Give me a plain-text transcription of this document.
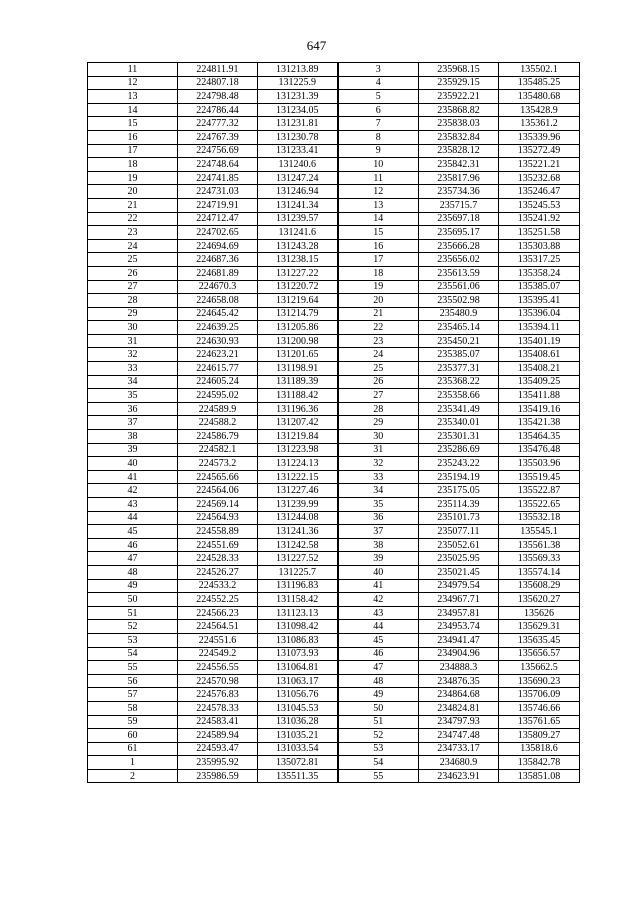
647
11	224811.91	131213.89	3	235968.15	135502.1
12	224807.18	131225.9	4	235929.15	135485.25
13	224798.48	131231.39	5	235922.21	135480.68
14	224786.44	131234.05	6	235868.82	135428.9
15	224777.32	131231.81	7	235838.03	135361.2
16	224767.39	131230.78	8	235832.84	135339.96
17	224756.69	131233.41	9	235828.12	135272.49
18	224748.64	131240.6	10	235842.31	135221.21
19	224741.85	131247.24	11	235817.96	135232.68
20	224731.03	131246.94	12	235734.36	135246.47
21	224719.91	131241.34	13	235715.7	135245.53
22	224712.47	131239.57	14	235697.18	135241.92
23	224702.65	131241.6	15	235695.17	135251.58
24	224694.69	131243.28	16	235666.28	135303.88
25	224687.36	131238.15	17	235656.02	135317.25
26	224681.89	131227.22	18	235613.59	135358.24
27	224670.3	131220.72	19	235561.06	135385.07
28	224658.08	131219.64	20	235502.98	135395.41
29	224645.42	131214.79	21	235480.9	135396.04
30	224639.25	131205.86	22	235465.14	135394.11
31	224630.93	131200.98	23	235450.21	135401.19
32	224623.21	131201.65	24	235385.07	135408.61
33	224615.77	131198.91	25	235377.31	135408.21
34	224605.24	131189.39	26	235368.22	135409.25
35	224595.02	131188.42	27	235358.66	135411.88
36	224589.9	131196.36	28	235341.49	135419.16
37	224588.2	131207.42	29	235340.01	135421.38
38	224586.79	131219.84	30	235301.31	135464.35
39	224582.1	131223.98	31	235286.69	135476.48
40	224573.2	131224.13	32	235243.22	135503.96
41	224565.66	131222.15	33	235194.19	135519.45
42	224564.06	131227.46	34	235175.05	135522.87
43	224569.14	131239.99	35	235114.39	135522.65
44	224564.93	131244.08	36	235101.73	135532.18
45	224558.89	131241.36	37	235077.11	135545.1
46	224551.69	131242.58	38	235052.61	135561.38
47	224528.33	131227.52	39	235025.95	135569.33
48	224526.27	131225.7	40	235021.45	135574.14
49	224533.2	131196.83	41	234979.54	135608.29
50	224552.25	131158.42	42	234967.71	135620.27
51	224566.23	131123.13	43	234957.81	135626
52	224564.51	131098.42	44	234953.74	135629.31
53	224551.6	131086.83	45	234941.47	135635.45
54	224549.2	131073.93	46	234904.96	135656.57
55	224556.55	131064.81	47	234888.3	135662.5
56	224570.98	131063.17	48	234876.35	135690.23
57	224576.83	131056.76	49	234864.68	135706.09
58	224578.33	131045.53	50	234824.81	135746.66
59	224583.41	131036.28	51	234797.93	135761.65
60	224589.94	131035.21	52	234747.48	135809.27
61	224593.47	131033.54	53	234733.17	135818.6
1	235995.92	135072.81	54	234680.9	135842.78
2	235986.59	135511.35	55	234623.91	135851.08
